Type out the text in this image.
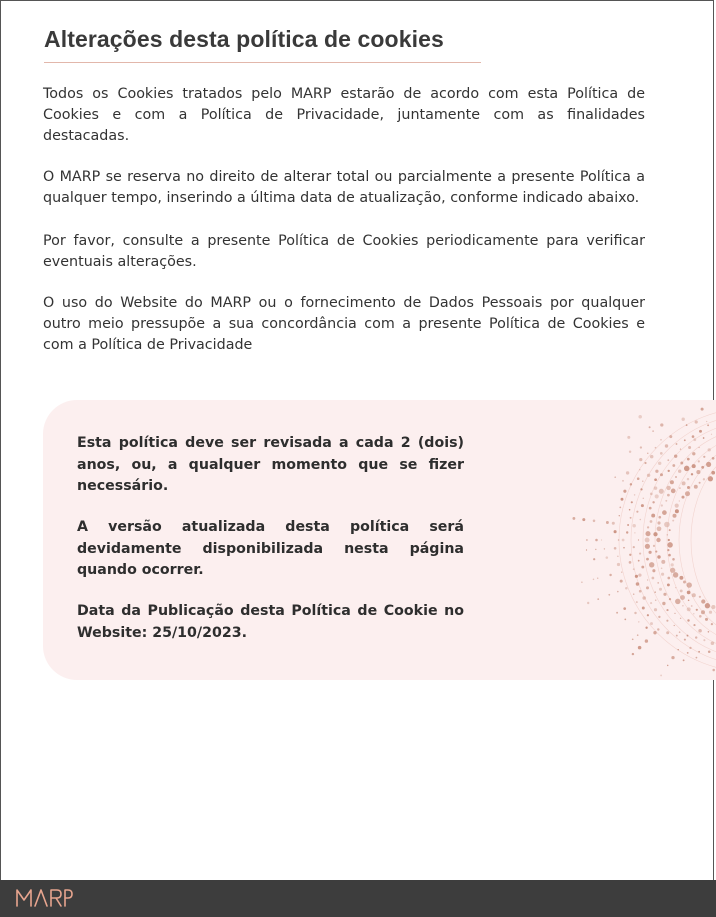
Alterações desta política de cookies

Todos os Cookies tratados pelo MARP estarão de acordo com esta Política de Cookies e com a Política de Privacidade, juntamente com as finalidades destacadas.

O MARP se reserva no direito de alterar total ou parcialmente a presente Política a qualquer tempo, inserindo a última data de atualização, conforme indicado abaixo.

Por favor, consulte a presente Política de Cookies periodicamente para verificar eventuais alterações.

O uso do Website do MARP ou o fornecimento de Dados Pessoais por qualquer outro meio pressupõe a sua concordância com a presente Política de Cookies e com a Política de Privacidade

Esta política deve ser revisada a cada 2 (dois) anos, ou, a qualquer momento que se fizer necessário.

A versão atualizada desta política será devidamente disponibilizada nesta página quando ocorrer.

Data da Publicação desta Política de Cookie no Website: 25/10/2023.
